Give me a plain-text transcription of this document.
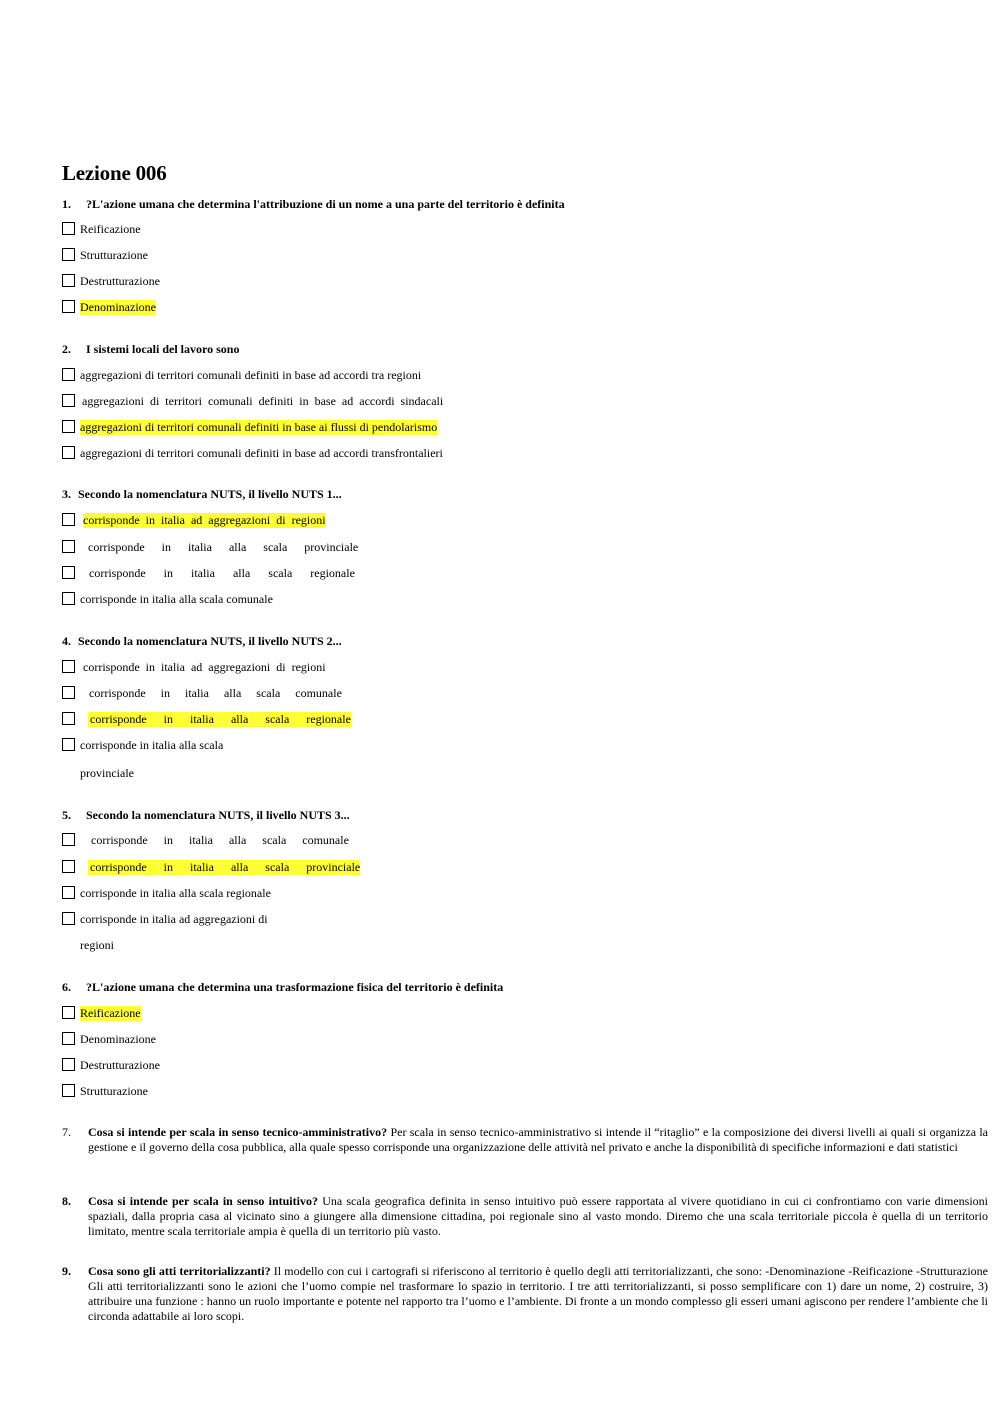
Lezione 006
1. ?L'azione umana che determina l'attribuzione di un nome a una parte del territorio è definita
Reificazione
Strutturazione
Destrutturazione
Denominazione
2. I sistemi locali del lavoro sono
aggregazioni di territori comunali definiti in base ad accordi tra regioni
aggregazioni di territori comunali definiti in base ad accordi sindacali
aggregazioni di territori comunali definiti in base ai flussi di pendolarismo
aggregazioni di territori comunali definiti in base ad accordi transfrontalieri
3. Secondo la nomenclatura NUTS, il livello NUTS 1...
corrisponde in italia ad aggregazioni di regioni
corrisponde in italia alla scala provinciale
corrisponde in italia alla scala regionale
corrisponde in italia alla scala comunale
4. Secondo la nomenclatura NUTS, il livello NUTS 2...
corrisponde in italia ad aggregazioni di regioni
corrisponde in italia alla scala comunale
corrisponde in italia alla scala regionale
corrisponde in italia alla scala
provinciale
5. Secondo la nomenclatura NUTS, il livello NUTS 3...
corrisponde in italia alla scala comunale
corrisponde in italia alla scala provinciale
corrisponde in italia alla scala regionale
corrisponde in italia ad aggregazioni di
regioni
6. ?L'azione umana che determina una trasformazione fisica del territorio è definita
Reificazione
Denominazione
Destrutturazione
Strutturazione
7. Cosa si intende per scala in senso tecnico-amministrativo? Per scala in senso tecnico-amministrativo si intende il “ritaglio” e la composizione dei diversi livelli ai quali si organizza la gestione e il governo della cosa pubblica, alla quale spesso corrisponde una organizzazione delle attività nel privato e anche la disponibilità di specifiche informazioni e dati statistici
8. Cosa si intende per scala in senso intuitivo? Una scala geografica definita in senso intuitivo può essere rapportata al vivere quotidiano in cui ci confrontiamo con varie dimensioni spaziali, dalla propria casa al vicinato sino a giungere alla dimensione cittadina, poi regionale sino al vasto mondo. Diremo che una scala territoriale piccola è quella di un territorio limitato, mentre scala territoriale ampia è quella di un territorio più vasto.
9. Cosa sono gli atti territorializzanti? Il modello con cui i cartografi si riferiscono al territorio è quello degli atti territorializzanti, che sono: -Denominazione -Reificazione -Strutturazione Gli atti territorializzanti sono le azioni che l’uomo compie nel trasformare lo spazio in territorio. I tre atti territorializzanti, si posso semplificare con 1) dare un nome, 2) costruire, 3) attribuire una funzione : hanno un ruolo importante e potente nel rapporto tra l’uomo e l’ambiente. Di fronte a un mondo complesso gli esseri umani agiscono per rendere l’ambiente che li circonda adattabile ai loro scopi.
